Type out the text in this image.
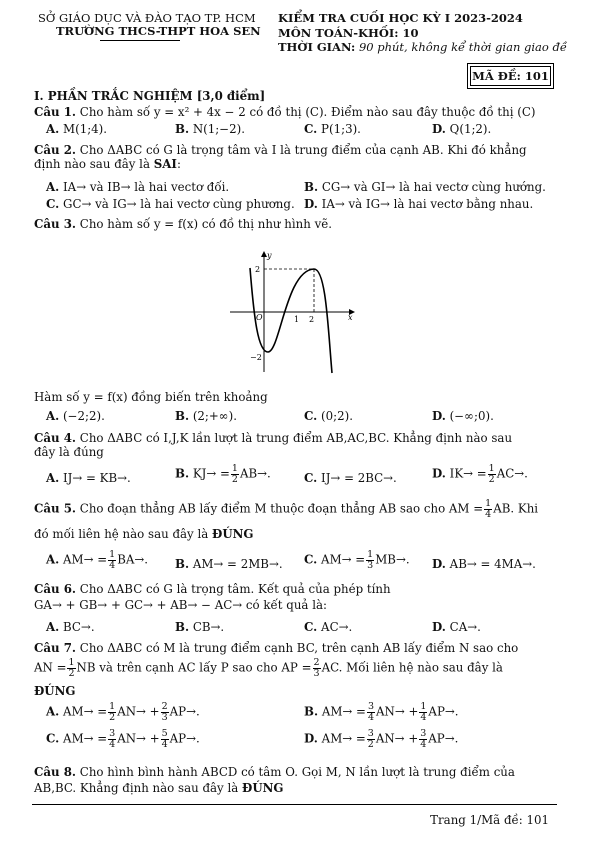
SỞ GIÁO DỤC VÀ ĐÀO TẠO TP. HCM
TRƯỜNG THCS-THPT HOA SEN
KIỂM TRA CUỐI HỌC KỲ I 2023-2024
MÔN TOÁN-KHỐI: 10
THỜI GIAN: 90 phút, không kể thời gian giao đề
MÃ ĐỀ: 101
I. PHẦN TRẮC NGHIỆM [3,0 điểm]
Câu 1. Cho hàm số y = x² + 4x − 2 có đồ thị (C). Điểm nào sau đây thuộc đồ thị (C)
A. M(1;4).	B. N(1;−2).	C. P(1;3).	D. Q(1;2).
Câu 2. Cho ΔABC có G là trọng tâm và I là trung điểm của cạnh AB. Khi đó khẳng
định nào sau đây là SAI:
A. IA→ và IB→ là hai vectơ đối.	B. CG→ và GI→ là hai vectơ cùng hướng.
C. GC→ và IG→ là hai vectơ cùng phương. D. IA→ và IG→ là hai vectơ bằng nhau.
Câu 3. Cho hàm số y = f(x) có đồ thị như hình vẽ.
y
x
O	1 2
2
−2
Hàm số y = f(x) đồng biến trên khoảng
A. (−2;2).	B. (2;+∞).	C. (0;2).	D. (−∞;0).
Câu 4. Cho ΔABC có I,J,K lần lượt là trung điểm AB,AC,BC. Khẳng định nào sau
đây là đúng
A. IJ→ = KB→.	B. $KJ\to = \frac{1}{2} AB\to$.	C. IJ→ = 2BC→.	D. $IK\to = \frac{1}{2} AC\to$.
Câu 5. Cho đoạn thẳng AB lấy điểm M thuộc đoạn thẳng AB sao cho AM = $\frac{1}{4}$ AB. Khi
đó mối liên hệ nào sau đây là ĐÚNG
A. $AM\to = \frac{1}{4} BA\to$. B. AM→ = 2MB→. C. $AM\to = \frac{1}{3} MB\to$. D. AB→ = 4MA→.
Câu 6. Cho ΔABC có G là trọng tâm. Kết quả của phép tính
GA→ + GB→ + GC→ + AB→ − AC→ có kết quả là:
A. BC→.	B. CB→.	C. AC→.	D. CA→.
Câu 7. Cho ΔABC có M là trung điểm cạnh BC, trên cạnh AB lấy điểm N sao cho
AN = $\frac{1}{2}$ NB và trên cạnh AC lấy P sao cho AP = $\frac{2}{3}$ AC. Mối liên hệ nào sau đây là
ĐÚNG
A. $AM\to = \frac{1}{2} AN\to + \frac{2}{3} AP\to$.	B. $AM\to = \frac{3}{4} AN\to + \frac{1}{4} AP\to$.
C. $AM\to = \frac{3}{4} AN\to + \frac{5}{4} AP\to$.	D. $AM\to = \frac{3}{2} AN\to + \frac{3}{4} AP\to$.
Câu 8. Cho hình bình hành ABCD có tâm O. Gọi M, N lần lượt là trung điểm của
AB,BC. Khẳng định nào sau đây là ĐÚNG
Trang 1/Mã đề: 101
